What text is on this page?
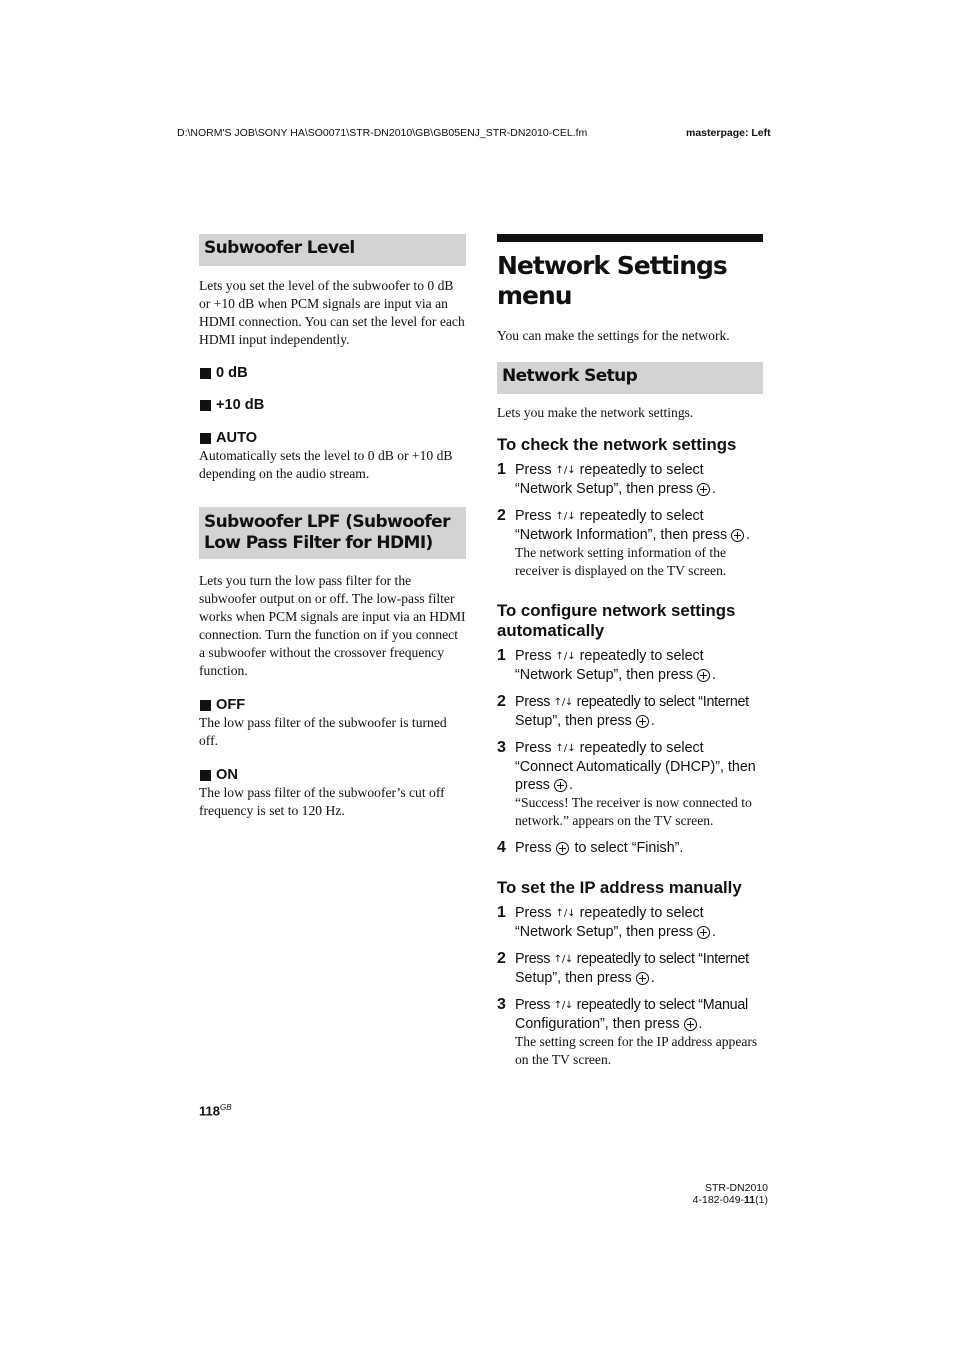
D:\NORM'S JOB\SONY HA\SO0071\STR-DN2010\GB\GB05ENJ_STR-DN2010-CEL.fm	masterpage: Left
Subwoofer Level
Lets you set the level of the subwoofer to 0 dB or +10 dB when PCM signals are input via an HDMI connection. You can set the level for each HDMI input independently.
0 dB
+10 dB
AUTO
Automatically sets the level to 0 dB or +10 dB depending on the audio stream.
Subwoofer LPF (Subwoofer Low Pass Filter for HDMI)
Lets you turn the low pass filter for the subwoofer output on or off. The low-pass filter works when PCM signals are input via an HDMI connection. Turn the function on if you connect a subwoofer without the crossover frequency function.
OFF
The low pass filter of the subwoofer is turned off.
ON
The low pass filter of the subwoofer’s cut off frequency is set to 120 Hz.
Network Settings menu
You can make the settings for the network.
Network Setup
Lets you make the network settings.
To check the network settings
1 Press ↑/↓ repeatedly to select
“Network Setup”, then press .
2 Press ↑/↓ repeatedly to select
“Network Information”, then press .
The network setting information of the receiver is displayed on the TV screen.
To configure network settings automatically
1 Press ↑/↓ repeatedly to select
“Network Setup”, then press .
2 Press ↑/↓ repeatedly to select “Internet
Setup”, then press .
3 Press ↑/↓ repeatedly to select
“Connect Automatically (DHCP)”, then
press .
“Success! The receiver is now connected to network.” appears on the TV screen.
4 Press to select “Finish”.
To set the IP address manually
1 Press ↑/↓ repeatedly to select
“Network Setup”, then press .
2 Press ↑/↓ repeatedly to select “Internet
Setup”, then press .
3 Press ↑/↓ repeatedly to select “Manual
Configuration”, then press .
The setting screen for the IP address appears on the TV screen.
$118^{GB}$
STR-DN2010
4-182-049-11(1)
